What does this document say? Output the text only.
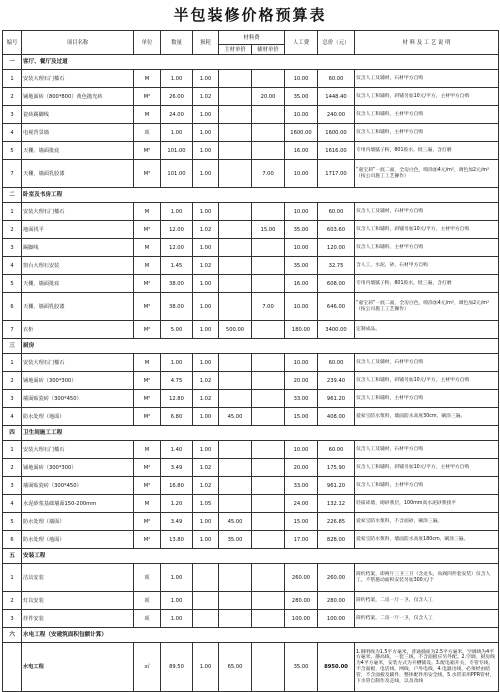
半包装修价格预算表
编号	项目名称	单位	数量	损耗	材料费		人工费	总价（元）	材 料 及 工 艺 说 明
					主材单价	辅材单价			
一	客厅、餐厅及过道								
1	安装大理石门槛石	M	1.00	1.00			10.00	60.00	仅含人工及辅材，石材甲方自购
2	铺地面砖（800*800）黄色抛光砖	M²	26.00	1.02		20.00	35.00	1448.40	仅含人工和辅料，斜铺另加10元/平方，主材甲方自购
3	瓷砖踢脚线	M	24.00	1.00			10.00	240.00	仅含人工和辅料，主材甲方自购
4	电视背景墙	项	1.00	1.00			1600.00	1600.00	仅含人工和辅料，主材甲方自购
5	天棚、墙面批底	M²	101.00	1.00			16.00	1616.00	专用内墙腻子粉，801胶水，批三遍，含打磨
7	天棚、墙面乳胶漆	M²	101.00	1.00		7.00	10.00	1717.00	“嘉宝莉”一底二面，全房白色，喷涂加4元/m²，调色加2元/m²（按公司施工工艺操作）
二	卧室及书房工程								
1	安装大理石门槛石	M	1.00	1.00			10.00	60.00	仅含人工及辅材，石材甲方自购
2	地面找平	M²	12.00	1.02		15.00	35.00	603.60	仅含人工和辅料，斜铺另加10元/平方，主材甲方自购
3	踢脚线	M	12.00	1.00			10.00	120.00	仅含人工和辅料，主材甲方自购
4	窗台大理石安装	M	1.45	1.02			35.00	32.75	含人工，水泥，砂，石材甲方自购
5	天棚、墙面批底	M²	38.00	1.00			16.00	608.00	专用内墙腻子粉，801胶水，批三遍，含打磨
6	天棚、墙面乳胶漆	M²	38.00	1.00		7.00	10.00	646.00	“嘉宝莉”一底二面，全房白色，喷涂加4元/m²，调色加2元/m²（按公司施工工艺操作）
7	衣柜	M²	5.00	1.00	500.00		180.00	3400.00	定制成品。
三	厨房								
1	安装大理石门槛石	M	1.00	1.00			10.00	60.00	仅含人工及辅材，石材甲方自购
2	铺地面砖（300*300）	M²	4.75	1.02			20.00	239.40	仅含人工和辅料，斜铺另加10元/平方，主材甲方自购
3	墙面贴瓷砖（300*450）	M²	12.80	1.02			33.00	961.20	仅含人工和辅料，主材甲方自购
4	防水处理（地面）	M²	6.80	1.00	45.00		15.00	408.00	爱家宝防水浆料，墙面防水高度30cm，刷涂三遍。
四	卫生间施工工程								
1	安装大理石门槛石	M	1.40	1.00			10.00	60.00	仅含人工及辅材，石材甲方自购
2	铺地面砖（300*300）	M²	3.49	1.02			20.00	175.90	仅含人工和辅料，斜铺另加10元/平方，主材甲方自购
3	墙面贴瓷砖（300*450）	M²	16.80	1.02			33.00	961.20	仅含人工和辅料，主材甲方自购
4	水泥砂浆基础墙面150-200mm	M	1.20	1.05			24.00	132.12	轻质砖墙，砌砂浆层，100mm高水泥砂浆找平
5	防水处理（墙面）	M²	3.49	1.00	45.00		15.00	226.85	爱家宝防水浆料，不含面砂，刷涂三遍。
6	防水处理（地面）	M²	13.80	1.00	35.00		17.00	828.00	爱家宝防水浆料，墙面防水高度180cm，刷涂三遍。
五	安装工程								
1	洁具安装	项	1.00				260.00	260.00	简约档案，即两厅三卫三卫（含龙头，角阀四件套安装）仅含人工，不帮施动面积安装另加300元/个
2	灯具安装	项	1.00				280.00	280.00	简约档案，二房一厅一卫，仅含人工
3	挂件安装	项	1.00				100.00	100.00	简约档案，二房一厅一卫，仅含人工
六	水电工程（安建筑面积包额计算）								
	水电工程	㎡	89.50	1.00	65.00		35.00	8950.00	1.铜明线为1.5平方毫米，普通插座为2.5平方毫米，空调线为4平方毫米，静高线，一套三线，不含面板应另外配。2.空调、厨房线为4平方毫米，安装方式为开槽铺设。3.配电箱开关，专管专线，不含面板，电话线，网线，户外电线，4.电器出线，必须经由暗管，不含面板及辅件，整体配件用安全线，5.水管采用PPR管材，下水管自制作及走线，以及改线
